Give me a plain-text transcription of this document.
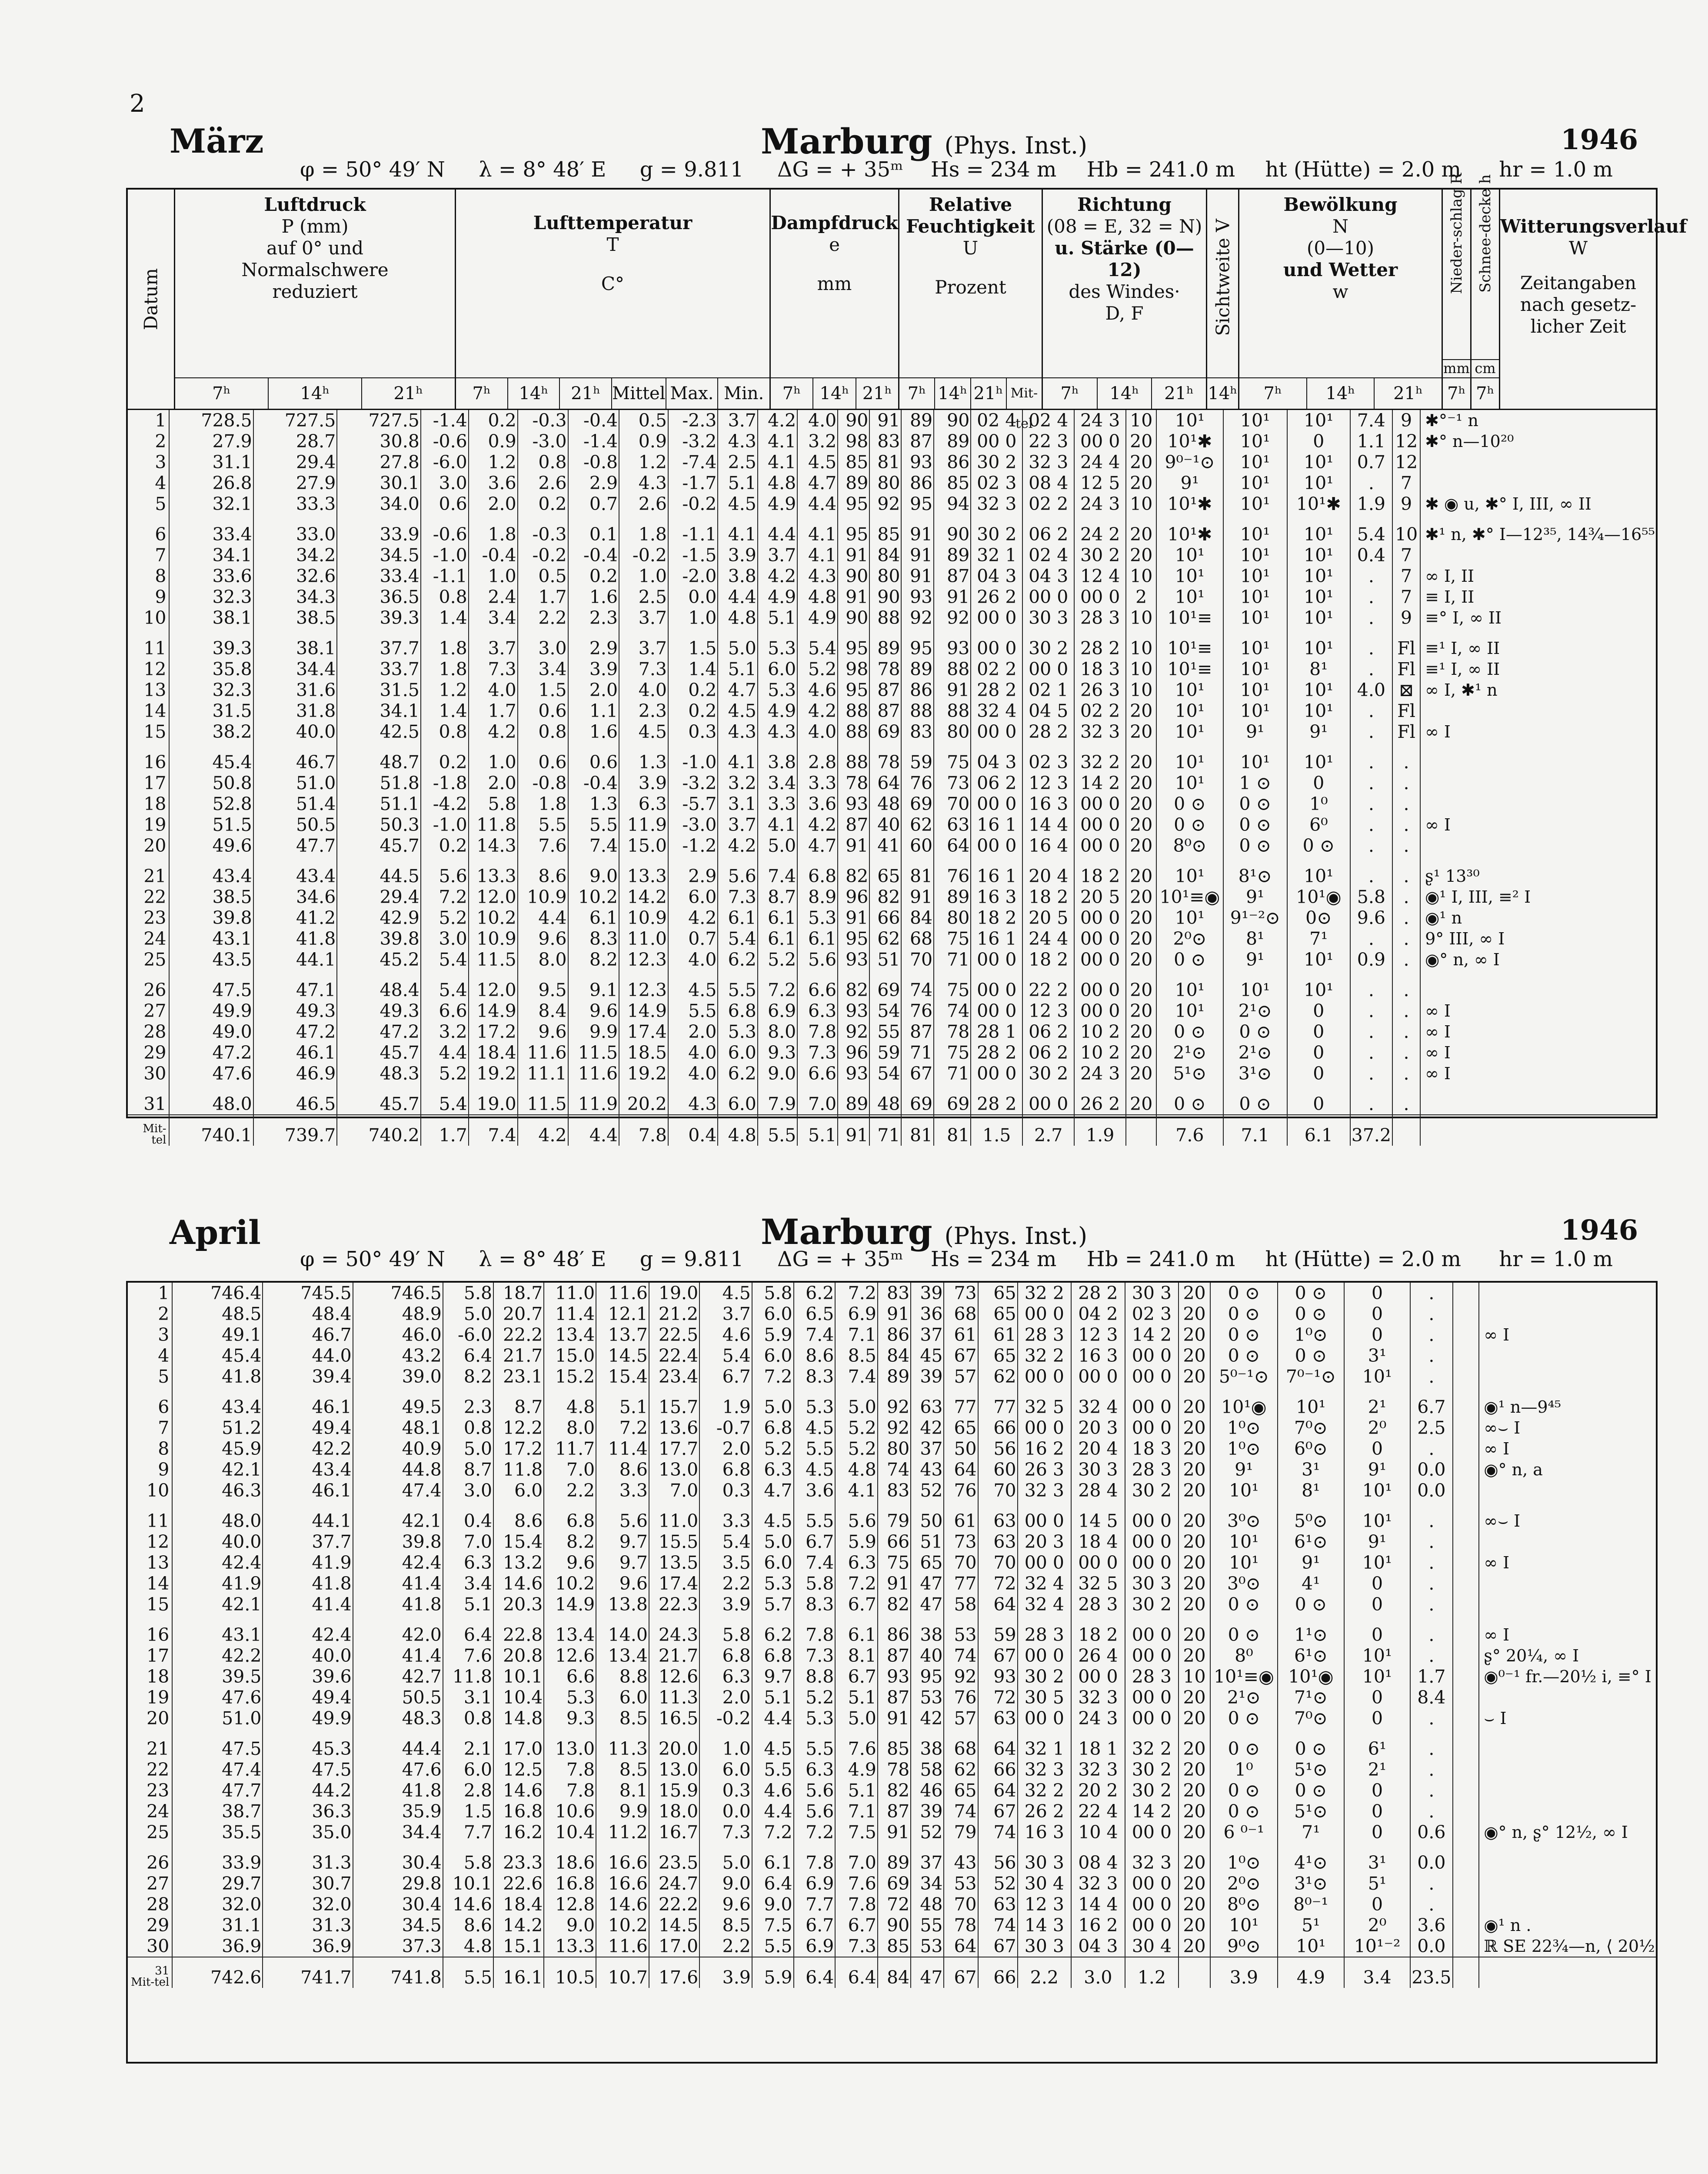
2
März	Marburg (Phys. Inst.)	1946
φ = 50° 49′ N λ = 8° 48′ E g = 9.811 ΔG = + 35ᵐ Hs = 234 m Hb = 241.0 m ht (Hütte) = 2.0 m hr = 1.0 m
Datum
Luftdruck
P (mm)
auf 0° und
Normalschwere
reduziert
7ʰ	14ʰ	21ʰ
Lufttemperatur
T
C°
7ʰ	14ʰ	21ʰ Mittel Max. Min.
Dampfdruck
e
mm
7ʰ	14ʰ 21ʰ
Relative
Feuchtigkeit
U
Prozent
7ʰ 14ʰ 21ʰ Mit-tel
Richtung
(08 = E, 32 = N)
u. Stärke (0—12)
des Windes·
D, F
7ʰ	14ʰ	21ʰ
Sichtweite V
14ʰ
Bewölkung
N
(0—10)
und Wetter
w
7ʰ	14ʰ	21ʰ
Nieder-schlag R
mm
7ʰ
Schnee-decke h
cm
7ʰ
Witterungsverlauf
W
Zeitangaben nach gesetz-
licher Zeit
1	728.5	727.5	727.5	-1.4	0.2	-0.3	-0.4	0.5	-2.3	3.7	4.2	4.0	90	91	89	90	02 4	02 4	24 3	10	10¹	10¹	10¹	7.4	9	✱°⁻¹ n
2	27.9	28.7	30.8	-0.6	0.9	-3.0	-1.4	0.9	-3.2	4.3	4.1	3.2	98	83	87	89	00 0	22 3	00 0	20	10¹✱	10¹	0	1.1	12	✱° n—10²⁰
3	31.1	29.4	27.8	-6.0	1.2	0.8	-0.8	1.2	-7.4	2.5	4.1	4.5	85	81	93	86	30 2	32 3	24 4	20	9⁰⁻¹⊙	10¹	10¹	0.7	12	
4	26.8	27.9	30.1	3.0	3.6	2.6	2.9	4.3	-1.7	5.1	4.8	4.7	89	80	86	85	02 3	08 4	12 5	20	9¹	10¹	10¹	.	7	
5	32.1	33.3	34.0	0.6	2.0	0.2	0.7	2.6	-0.2	4.5	4.9	4.4	95	92	95	94	32 3	02 2	24 3	10	10¹✱	10¹	10¹✱	1.9	9	✱ ◉ u, ✱° I, III, ∞ II

6	33.4	33.0	33.9	-0.6	1.8	-0.3	0.1	1.8	-1.1	4.1	4.4	4.1	95	85	91	90	30 2	06 2	24 2	20	10¹✱	10¹	10¹	5.4	10	✱¹ n, ✱° I—12³⁵, 14¾—16⁵⁵
7	34.1	34.2	34.5	-1.0	-0.4	-0.2	-0.4	-0.2	-1.5	3.9	3.7	4.1	91	84	91	89	32 1	02 4	30 2	20	10¹	10¹	10¹	0.4	7	
8	33.6	32.6	33.4	-1.1	1.0	0.5	0.2	1.0	-2.0	3.8	4.2	4.3	90	80	91	87	04 3	04 3	12 4	10	10¹	10¹	10¹	.	7	∞ I, II
9	32.3	34.3	36.5	0.8	2.4	1.7	1.6	2.5	0.0	4.4	4.9	4.8	91	90	93	91	26 2	00 0	00 0	2	10¹	10¹	10¹	.	7	≡ I, II
10	38.1	38.5	39.3	1.4	3.4	2.2	2.3	3.7	1.0	4.8	5.1	4.9	90	88	92	92	00 0	30 3	28 3	10	10¹≡	10¹	10¹	.	9	≡° I, ∞ II

11	39.3	38.1	37.7	1.8	3.7	3.0	2.9	3.7	1.5	5.0	5.3	5.4	95	89	95	93	00 0	30 2	28 2	10	10¹≡	10¹	10¹	.	Fl	≡¹ I, ∞ II
12	35.8	34.4	33.7	1.8	7.3	3.4	3.9	7.3	1.4	5.1	6.0	5.2	98	78	89	88	02 2	00 0	18 3	10	10¹≡	10¹	8¹	.	Fl	≡¹ I, ∞ II
13	32.3	31.6	31.5	1.2	4.0	1.5	2.0	4.0	0.2	4.7	5.3	4.6	95	87	86	91	28 2	02 1	26 3	10	10¹	10¹	10¹	4.0	⊠	∞ I, ✱¹ n
14	31.5	31.8	34.1	1.4	1.7	0.6	1.1	2.3	0.2	4.5	4.9	4.2	88	87	88	88	32 4	04 5	02 2	20	10¹	10¹	10¹	.	Fl	
15	38.2	40.0	42.5	0.8	4.2	0.8	1.6	4.5	0.3	4.3	4.3	4.0	88	69	83	80	00 0	28 2	32 3	20	10¹	9¹	9¹	.	Fl	∞ I

16	45.4	46.7	48.7	0.2	1.0	0.6	0.6	1.3	-1.0	4.1	3.8	2.8	88	78	59	75	04 3	02 3	32 2	20	10¹	10¹	10¹	.	.	
17	50.8	51.0	51.8	-1.8	2.0	-0.8	-0.4	3.9	-3.2	3.2	3.4	3.3	78	64	76	73	06 2	12 3	14 2	20	10¹	1 ⊙	0	.	.	
18	52.8	51.4	51.1	-4.2	5.8	1.8	1.3	6.3	-5.7	3.1	3.3	3.6	93	48	69	70	00 0	16 3	00 0	20	0 ⊙	0 ⊙	1⁰	.	.	
19	51.5	50.5	50.3	-1.0	11.8	5.5	5.5	11.9	-3.0	3.7	4.1	4.2	87	40	62	63	16 1	14 4	00 0	20	0 ⊙	0 ⊙	6⁰	.	.	∞ I
20	49.6	47.7	45.7	0.2	14.3	7.6	7.4	15.0	-1.2	4.2	5.0	4.7	91	41	60	64	00 0	16 4	00 0	20	8⁰⊙	0 ⊙	0 ⊙	.	.	

21	43.4	43.4	44.5	5.6	13.3	8.6	9.0	13.3	2.9	5.6	7.4	6.8	82	65	81	76	16 1	20 4	18 2	20	10¹	8¹⊙	10¹	.	.	ʂ¹ 13³⁰
22	38.5	34.6	29.4	7.2	12.0	10.9	10.2	14.2	6.0	7.3	8.7	8.9	96	82	91	89	16 3	18 2	20 5	20	10¹≡◉	9¹	10¹◉	5.8	.	◉¹ I, III, ≡² I
23	39.8	41.2	42.9	5.2	10.2	4.4	6.1	10.9	4.2	6.1	6.1	5.3	91	66	84	80	18 2	20 5	00 0	20	10¹	9¹⁻²⊙	0⊙	9.6	.	◉¹ n
24	43.1	41.8	39.8	3.0	10.9	9.6	8.3	11.0	0.7	5.4	6.1	6.1	95	62	68	75	16 1	24 4	00 0	20	2⁰⊙	8¹	7¹	.	.	9° III, ∞ I
25	43.5	44.1	45.2	5.4	11.5	8.0	8.2	12.3	4.0	6.2	5.2	5.6	93	51	70	71	00 0	18 2	00 0	20	0 ⊙	9¹	10¹	0.9	.	◉° n, ∞ I

26	47.5	47.1	48.4	5.4	12.0	9.5	9.1	12.3	4.5	5.5	7.2	6.6	82	69	74	75	00 0	22 2	00 0	20	10¹	10¹	10¹	.	.	
27	49.9	49.3	49.3	6.6	14.9	8.4	9.6	14.9	5.5	6.8	6.9	6.3	93	54	76	74	00 0	12 3	00 0	20	10¹	2¹⊙	0	.	.	∞ I
28	49.0	47.2	47.2	3.2	17.2	9.6	9.9	17.4	2.0	5.3	8.0	7.8	92	55	87	78	28 1	06 2	10 2	20	0 ⊙	0 ⊙	0	.	.	∞ I
29	47.2	46.1	45.7	4.4	18.4	11.6	11.5	18.5	4.0	6.0	9.3	7.3	96	59	71	75	28 2	06 2	10 2	20	2¹⊙	2¹⊙	0	.	.	∞ I
30	47.6	46.9	48.3	5.2	19.2	11.1	11.6	19.2	4.0	6.2	9.0	6.6	93	54	67	71	00 0	30 2	24 3	20	5¹⊙	3¹⊙	0	.	.	∞ I

31	48.0	46.5	45.7	5.4	19.0	11.5	11.9	20.2	4.3	6.0	7.9	7.0	89	48	69	69	28 2	00 0	26 2	20	0 ⊙	0 ⊙	0	.	.	
Mit-tel	740.1	739.7	740.2	1.7	7.4	4.2	4.4	7.8	0.4	4.8	5.5	5.1	91	71	81	81	1.5	2.7	1.9		7.6	7.1	6.1	37.2		
April	Marburg (Phys. Inst.)	1946
φ = 50° 49′ N λ = 8° 48′ E g = 9.811 ΔG = + 35ᵐ Hs = 234 m Hb = 241.0 m ht (Hütte) = 2.0 m hr = 1.0 m
1	746.4	745.5	746.5	5.8	18.7	11.0	11.6	19.0	4.5	5.8	6.2	7.2	83	39	73	65	32 2	28 2	30 3	20	0 ⊙	0 ⊙	0	.		
2	48.5	48.4	48.9	5.0	20.7	11.4	12.1	21.2	3.7	6.0	6.5	6.9	91	36	68	65	00 0	04 2	02 3	20	0 ⊙	0 ⊙	0	.		
3	49.1	46.7	46.0	-6.0	22.2	13.4	13.7	22.5	4.6	5.9	7.4	7.1	86	37	61	61	28 3	12 3	14 2	20	0 ⊙	1⁰⊙	0	.		∞ I
4	45.4	44.0	43.2	6.4	21.7	15.0	14.5	22.4	5.4	6.0	8.6	8.5	84	45	67	65	32 2	16 3	00 0	20	0 ⊙	0 ⊙	3¹	.		
5	41.8	39.4	39.0	8.2	23.1	15.2	15.4	23.4	6.7	7.2	8.3	7.4	89	39	57	62	00 0	00 0	00 0	20	5⁰⁻¹⊙	7⁰⁻¹⊙	10¹	.		

6	43.4	46.1	49.5	2.3	8.7	4.8	5.1	15.7	1.9	5.0	5.3	5.0	92	63	77	77	32 5	32 4	00 0	20	10¹◉	10¹	2¹	6.7		◉¹ n—9⁴⁵
7	51.2	49.4	48.1	0.8	12.2	8.0	7.2	13.6	-0.7	6.8	4.5	5.2	92	42	65	66	00 0	20 3	00 0	20	1⁰⊙	7⁰⊙	2⁰	2.5		∞⌣ I
8	45.9	42.2	40.9	5.0	17.2	11.7	11.4	17.7	2.0	5.2	5.5	5.2	80	37	50	56	16 2	20 4	18 3	20	1⁰⊙	6⁰⊙	0	.		∞ I
9	42.1	43.4	44.8	8.7	11.8	7.0	8.6	13.0	6.8	6.3	4.5	4.8	74	43	64	60	26 3	30 3	28 3	20	9¹	3¹	9¹	0.0		◉° n, a
10	46.3	46.1	47.4	3.0	6.0	2.2	3.3	7.0	0.3	4.7	3.6	4.1	83	52	76	70	32 3	28 4	30 2	20	10¹	8¹	10¹	0.0		

11	48.0	44.1	42.1	0.4	8.6	6.8	5.6	11.0	3.3	4.5	5.5	5.6	79	50	61	63	00 0	14 5	00 0	20	3⁰⊙	5⁰⊙	10¹	.		∞⌣ I
12	40.0	37.7	39.8	7.0	15.4	8.2	9.7	15.5	5.4	5.0	6.7	5.9	66	51	73	63	20 3	18 4	00 0	20	10¹	6¹⊙	9¹	.		
13	42.4	41.9	42.4	6.3	13.2	9.6	9.7	13.5	3.5	6.0	7.4	6.3	75	65	70	70	00 0	00 0	00 0	20	10¹	9¹	10¹	.		∞ I
14	41.9	41.8	41.4	3.4	14.6	10.2	9.6	17.4	2.2	5.3	5.8	7.2	91	47	77	72	32 4	32 5	30 3	20	3⁰⊙	4¹	0	.		
15	42.1	41.4	41.8	5.1	20.3	14.9	13.8	22.3	3.9	5.7	8.3	6.7	82	47	58	64	32 4	28 3	30 2	20	0 ⊙	0 ⊙	0	.		

16	43.1	42.4	42.0	6.4	22.8	13.4	14.0	24.3	5.8	6.2	7.8	6.1	86	38	53	59	28 3	18 2	00 0	20	0 ⊙	1¹⊙	0	.		∞ I
17	42.2	40.0	41.4	7.6	20.8	12.6	13.4	21.7	6.8	6.8	7.3	8.1	87	40	74	67	00 0	26 4	00 0	20	8⁰	6¹⊙	10¹	.		ʂ° 20¼, ∞ I
18	39.5	39.6	42.7	11.8	10.1	6.6	8.8	12.6	6.3	9.7	8.8	6.7	93	95	92	93	30 2	00 0	28 3	10	10¹≡◉	10¹◉	10¹	1.7		◉⁰⁻¹ fr.—20½ i, ≡° I
19	47.6	49.4	50.5	3.1	10.4	5.3	6.0	11.3	2.0	5.1	5.2	5.1	87	53	76	72	30 5	32 3	00 0	20	2¹⊙	7¹⊙	0	8.4		
20	51.0	49.9	48.3	0.8	14.8	9.3	8.5	16.5	-0.2	4.4	5.3	5.0	91	42	57	63	00 0	24 3	00 0	20	0 ⊙	7⁰⊙	0	.		⌣ I

21	47.5	45.3	44.4	2.1	17.0	13.0	11.3	20.0	1.0	4.5	5.5	7.6	85	38	68	64	32 1	18 1	32 2	20	0 ⊙	0 ⊙	6¹	.		
22	47.4	47.5	47.6	6.0	12.5	7.8	8.5	13.0	6.0	5.5	6.3	4.9	78	58	62	66	32 3	32 3	30 2	20	1⁰	5¹⊙	2¹	.		
23	47.7	44.2	41.8	2.8	14.6	7.8	8.1	15.9	0.3	4.6	5.6	5.1	82	46	65	64	32 2	20 2	30 2	20	0 ⊙	0 ⊙	0	.		
24	38.7	36.3	35.9	1.5	16.8	10.6	9.9	18.0	0.0	4.4	5.6	7.1	87	39	74	67	26 2	22 4	14 2	20	0 ⊙	5¹⊙	0	.		
25	35.5	35.0	34.4	7.7	16.2	10.4	11.2	16.7	7.3	7.2	7.2	7.5	91	52	79	74	16 3	10 4	00 0	20	6 ⁰⁻¹	7¹	0	0.6		◉° n, ʂ° 12½, ∞ I

26	33.9	31.3	30.4	5.8	23.3	18.6	16.6	23.5	5.0	6.1	7.8	7.0	89	37	43	56	30 3	08 4	32 3	20	1⁰⊙	4¹⊙	3¹	0.0		
27	29.7	30.7	29.8	10.1	22.6	16.8	16.6	24.7	9.0	6.4	6.9	7.6	69	34	53	52	30 4	32 3	00 0	20	2⁰⊙	3¹⊙	5¹	.		
28	32.0	32.0	30.4	14.6	18.4	12.8	14.6	22.2	9.6	9.0	7.7	7.8	72	48	70	63	12 3	14 4	00 0	20	8⁰⊙	8⁰⁻¹	0	.		
29	31.1	31.3	34.5	8.6	14.2	9.0	10.2	14.5	8.5	7.5	6.7	6.7	90	55	78	74	14 3	16 2	00 0	20	10¹	5¹	2⁰	3.6		◉¹ n .
30	36.9	36.9	37.3	4.8	15.1	13.3	11.6	17.0	2.2	5.5	6.9	7.3	85	53	64	67	30 3	04 3	30 4	20	9⁰⊙	10¹	10¹⁻²	0.0		ℝ SE 22¾—n, ⟨ 20½
31 Mit-tel	742.6	741.7	741.8	5.5	16.1	10.5	10.7	17.6	3.9	5.9	6.4	6.4	84	47	67	66	2.2	3.0	1.2		3.9	4.9	3.4	23.5		
